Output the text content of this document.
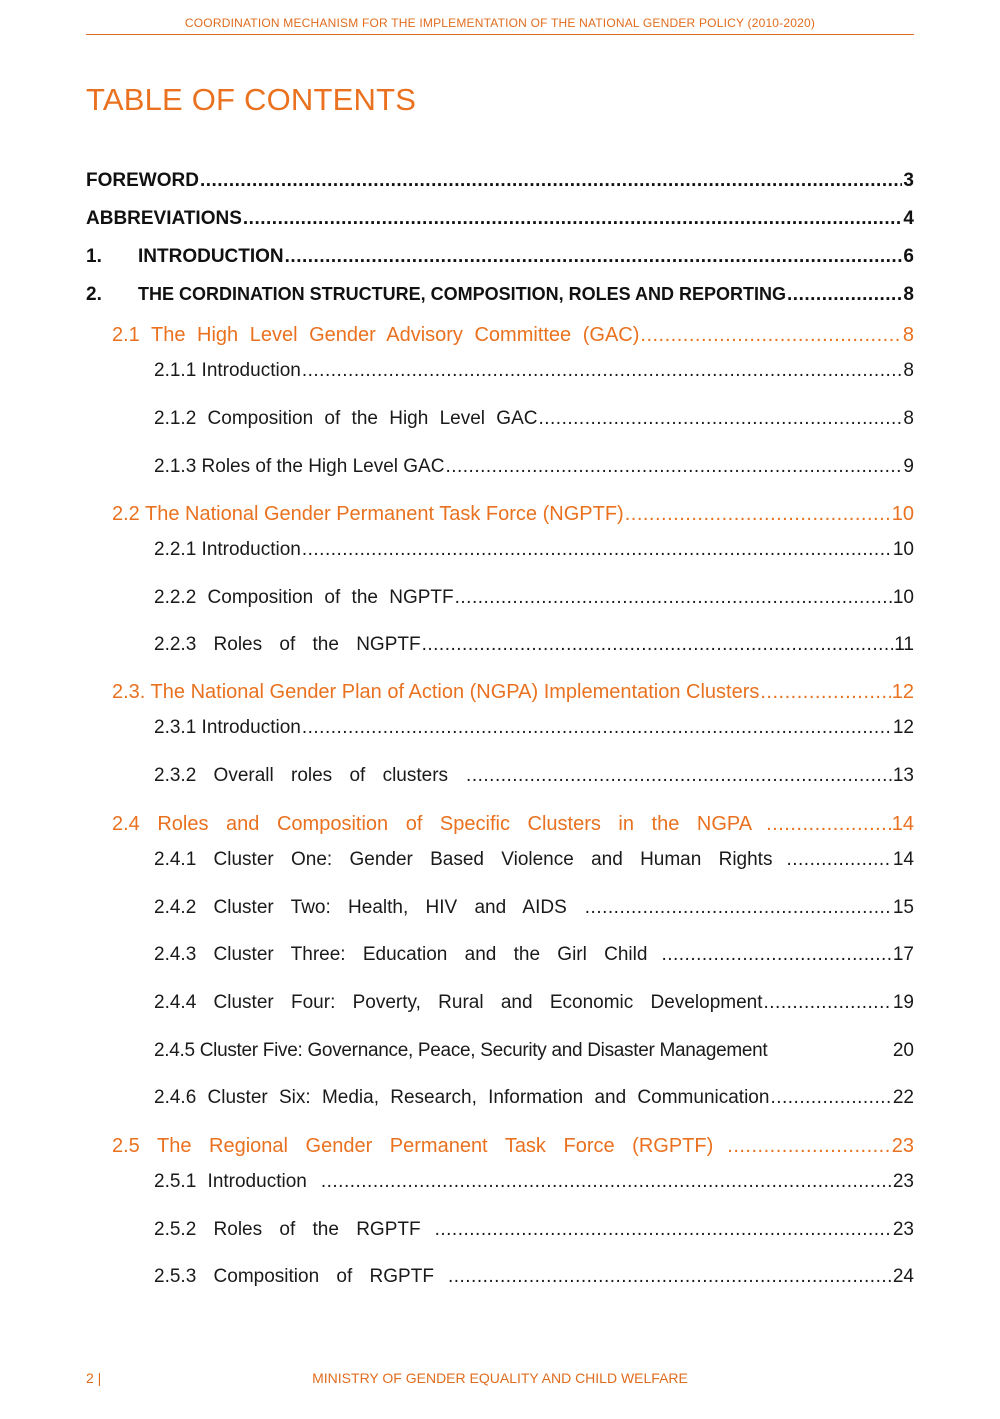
COORDINATION MECHANISM FOR THE IMPLEMENTATION OF THE NATIONAL GENDER POLICY (2010-2020)
TABLE OF CONTENTS
FOREWORD .....	3
ABBREVIATIONS .....	4
1.	INTRODUCTION .....	6
2.	THE CORDINATION STRUCTURE, COMPOSITION, ROLES AND REPORTING .....	8
2.1 The High Level Gender Advisory Committee (GAC) .....	8
2.1.1 Introduction .....	8
2.1.2 Composition of the High Level GAC .....	8
2.1.3 Roles of the High Level GAC .....	9
2.2 The National Gender Permanent Task Force (NGPTF) .....	10
2.2.1 Introduction .....	10
2.2.2 Composition of the NGPTF .....	10
2.2.3 Roles of the NGPTF .....	11
2.3. The National Gender Plan of Action (NGPA) Implementation Clusters .....	12
2.3.1 Introduction .....	12
2.3.2 Overall roles of clusters .....	13
2.4 Roles and Composition of Specific Clusters in the NGPA .....	14
2.4.1 Cluster One: Gender Based Violence and Human Rights .....	14
2.4.2 Cluster Two: Health, HIV and AIDS .....	15
2.4.3 Cluster Three: Education and the Girl Child .....	17
2.4.4 Cluster Four: Poverty, Rural and Economic Development .....	19
2.4.5 Cluster Five: Governance, Peace, Security and Disaster Management	20
2.4.6 Cluster Six: Media, Research, Information and Communication .....	22
2.5 The Regional Gender Permanent Task Force (RGPTF) .....	23
2.5.1 Introduction .....	23
2.5.2 Roles of the RGPTF .....	23
2.5.3 Composition of RGPTF .....	24
MINISTRY OF GENDER EQUALITY AND CHILD WELFARE
2 |
